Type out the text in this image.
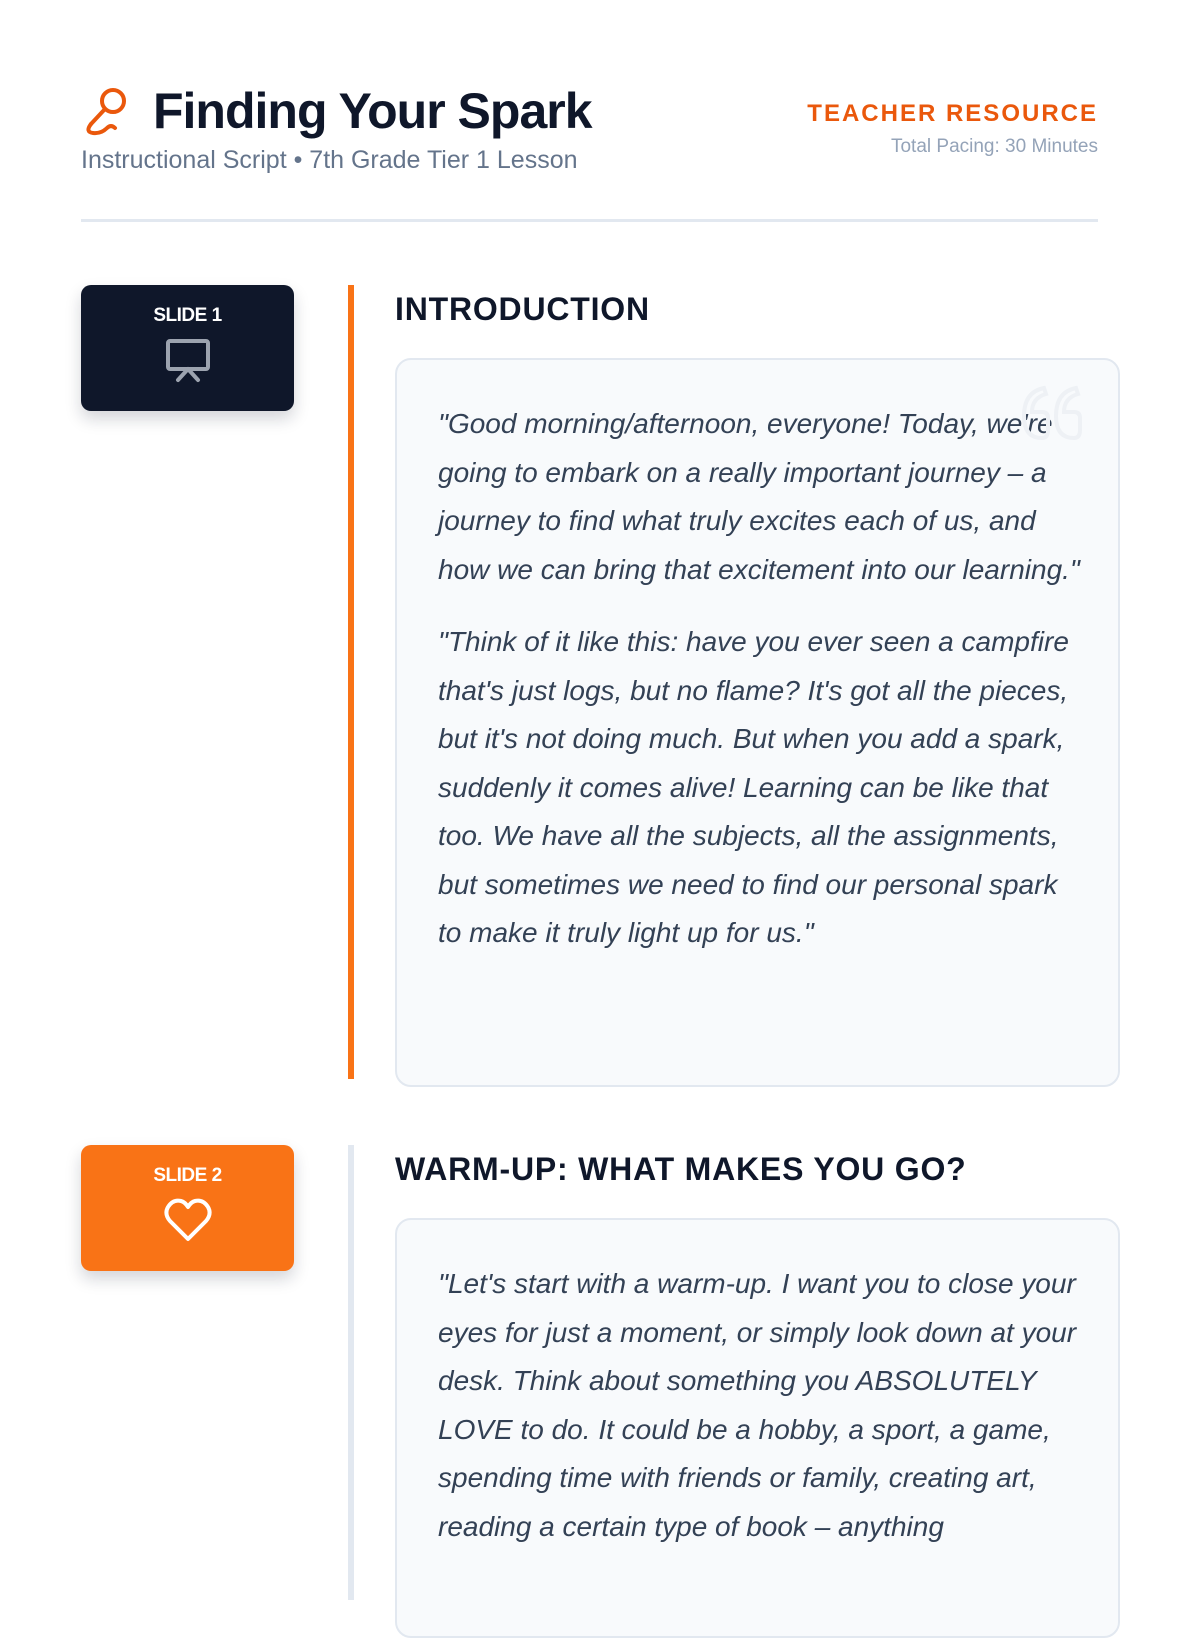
Finding Your Spark
Instructional Script • 7th Grade Tier 1 Lesson
TEACHER RESOURCE
Total Pacing: 30 Minutes
SLIDE 1	INTRODUCTION

"Good morning/afternoon, everyone! Today, we're going to embark on a really important journey – a journey to find what truly excites each of us, and how we can bring that excitement into our learning."

"Think of it like this: have you ever seen a campfire that's just logs, but no flame? It's got all the pieces, but it's not doing much. But when you add a spark, suddenly it comes alive! Learning can be like that too. We have all the subjects, all the assignments, but sometimes we need to find our personal spark to make it truly light up for us."

SLIDE 2	WARM-UP: WHAT MAKES YOU GO?

"Let's start with a warm-up. I want you to close your eyes for just a moment, or simply look down at your desk. Think about something you ABSOLUTELY LOVE to do. It could be a hobby, a sport, a game, spending time with friends or family, creating art, reading a certain type of book – anything
